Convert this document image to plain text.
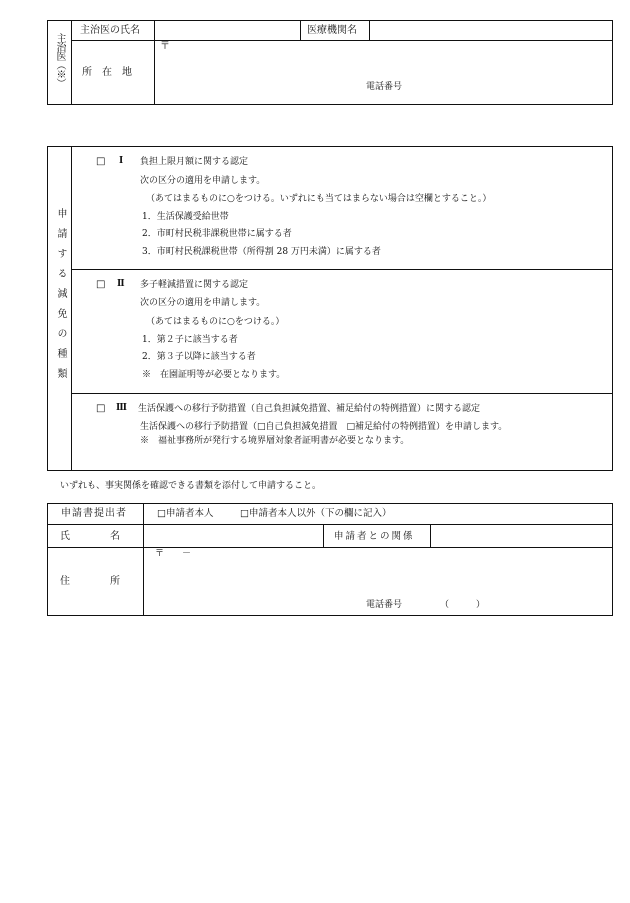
主治医（※）
主治医の氏名	医療機関名
所　在　地
〒
電話番号
申請する減免の種類
□ Ⅰ 負担上限月額に関する認定
次の区分の適用を申請します。
（あてはまるものに○をつける。いずれにも当てはまらない場合は空欄とすること。）
1．生活保護受給世帯
2．市町村民税非課税世帯に属する者
3．市町村民税課税世帯（所得割 28 万円未満）に属する者
□ Ⅱ 多子軽減措置に関する認定
次の区分の適用を申請します。
（あてはまるものに○をつける。）
1．第２子に該当する者
2．第３子以降に該当する者
※　在園証明等が必要となります。
□ Ⅲ 生活保護への移行予防措置（自己負担減免措置、補足給付の特例措置）に関する認定
生活保護への移行予防措置（□自己負担減免措置　□補足給付の特例措置）を申請します。
※　福祉事務所が発行する境界層対象者証明書が必要となります。
いずれも、事実関係を確認できる書類を添付して申請すること。
申請書提出者	□申請者本人	□申請者本人以外（下の欄に記入）
氏　　　　名	申請者との関係
住　　　　所
〒　　－
電話番号	（　　　）
